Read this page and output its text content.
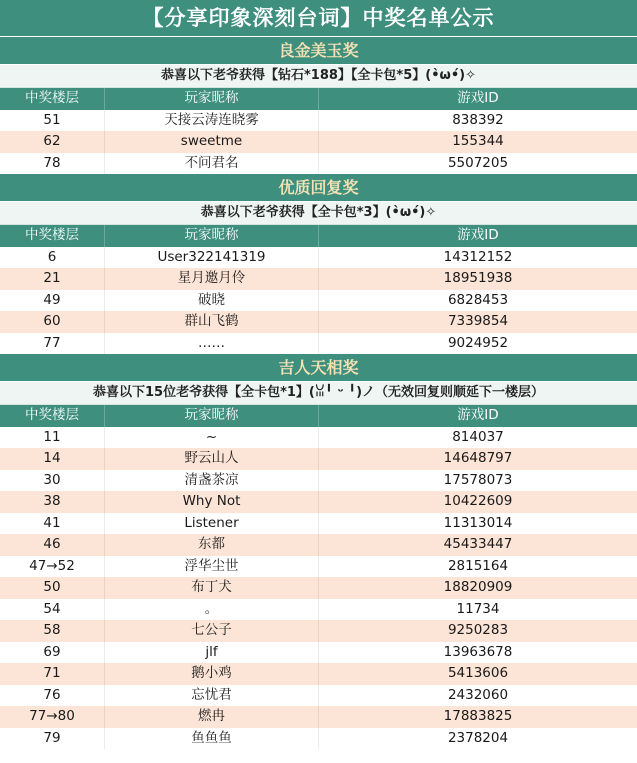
【分享印象深刻台词】中奖名单公示
良金美玉奖
恭喜以下老爷获得【钻石*188】【全卡包*5】(•̀ω•́)✧
中奖楼层	玩家昵称	游戏ID
51	天接云涛连晓雾	838392
62	sweetme	155344
78	不问君名	5507205
优质回复奖
恭喜以下老爷获得【全卡包*3】(•̀ω•́)✧
中奖楼层	玩家昵称	游戏ID
6	User322141319	14312152
21	星月邀月伶	18951938
49	破晓	6828453
60	群山飞鹤	7339854
77	……	9024952
吉人天相奖
恭喜以下15位老爷获得【全卡包*1】(ꈍ╹ ᵕ ╹)ノ（无效回复则顺延下一楼层）
中奖楼层	玩家昵称	游戏ID
11	~	814037
14	野云山人	14648797
30	清盏茶凉	17578073
38	Why Not	10422609
41	Listener	11313014
46	东都	45433447
47→52	浮华尘世	2815164
50	布丁犬	18820909
54	。	11734
58	七公子	9250283
69	jlf	13963678
71	鹅小鸡	5413606
76	忘忧君	2432060
77→80	燃冉	17883825
79	鱼鱼鱼	2378204
